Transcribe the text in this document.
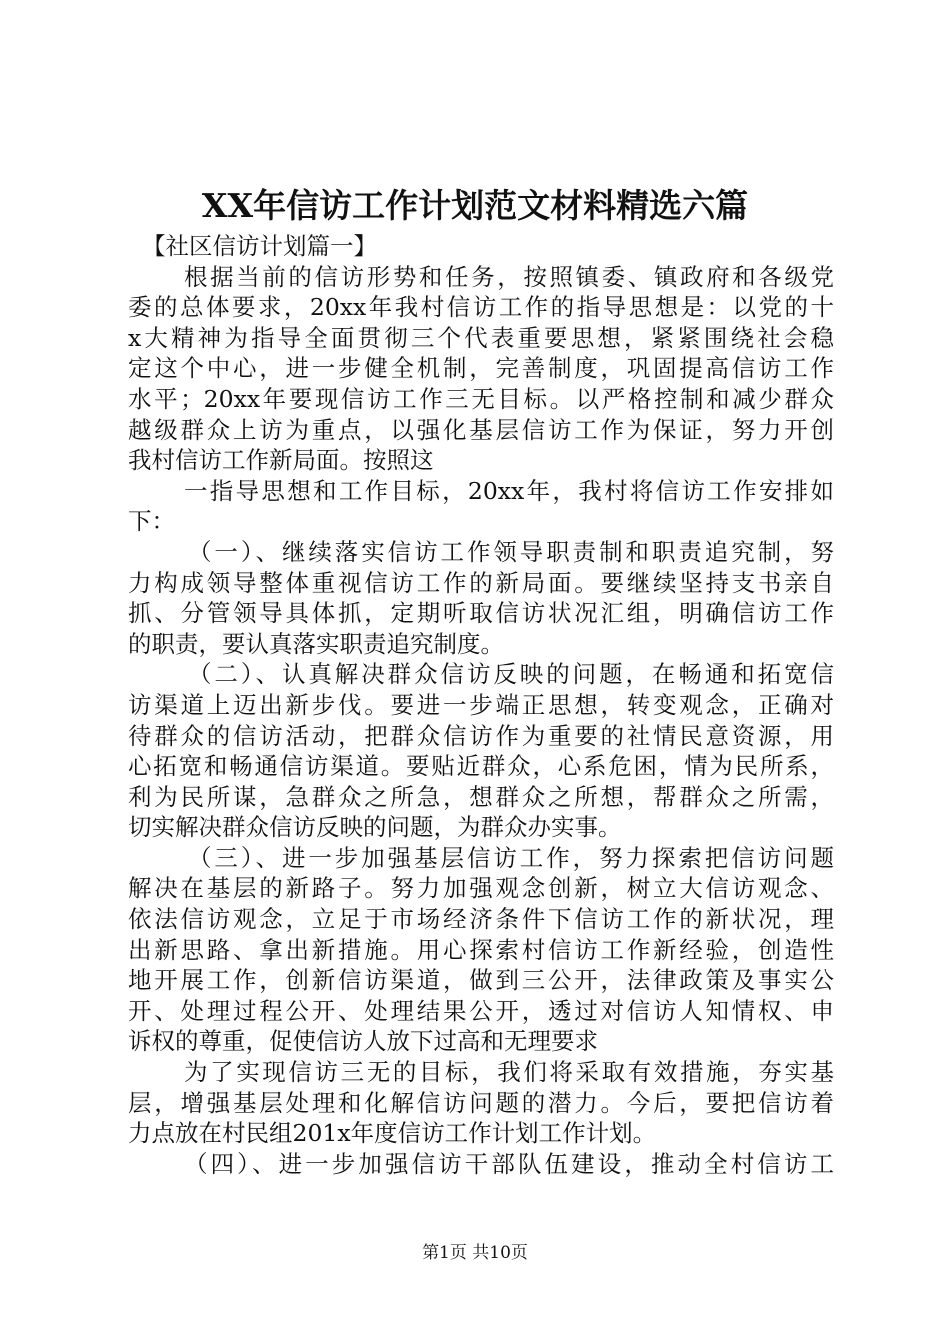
XX年信访工作计划范文材料精选六篇
【社区信访计划篇一】
根据当前的信访形势和任务，按照镇委、镇政府和各级党
委的总体要求，20xx年我村信访工作的指导思想是：以党的十
x大精神为指导全面贯彻三个代表重要思想，紧紧围绕社会稳
定这个中心，进一步健全机制，完善制度，巩固提高信访工作
水平；20xx年要现信访工作三无目标。以严格控制和减少群众
越级群众上访为重点，以强化基层信访工作为保证，努力开创
我村信访工作新局面。按照这
一指导思想和工作目标，20xx年，我村将信访工作安排如
下：
（一）、继续落实信访工作领导职责制和职责追究制，努
力构成领导整体重视信访工作的新局面。要继续坚持支书亲自
抓、分管领导具体抓，定期听取信访状况汇组，明确信访工作
的职责，要认真落实职责追究制度。
（二）、认真解决群众信访反映的问题，在畅通和拓宽信
访渠道上迈出新步伐。要进一步端正思想，转变观念，正确对
待群众的信访活动，把群众信访作为重要的社情民意资源，用
心拓宽和畅通信访渠道。要贴近群众，心系危困，情为民所系，
利为民所谋，急群众之所急，想群众之所想，帮群众之所需，
切实解决群众信访反映的问题，为群众办实事。
（三）、进一步加强基层信访工作，努力探索把信访问题
解决在基层的新路子。努力加强观念创新，树立大信访观念、
依法信访观念，立足于市场经济条件下信访工作的新状况，理
出新思路、拿出新措施。用心探索村信访工作新经验，创造性
地开展工作，创新信访渠道，做到三公开，法律政策及事实公
开、处理过程公开、处理结果公开，透过对信访人知情权、申
诉权的尊重，促使信访人放下过高和无理要求
为了实现信访三无的目标，我们将采取有效措施，夯实基
层，增强基层处理和化解信访问题的潜力。今后，要把信访着
力点放在村民组201x年度信访工作计划工作计划。
（四）、进一步加强信访干部队伍建设，推动全村信访工
第1页 共10页
